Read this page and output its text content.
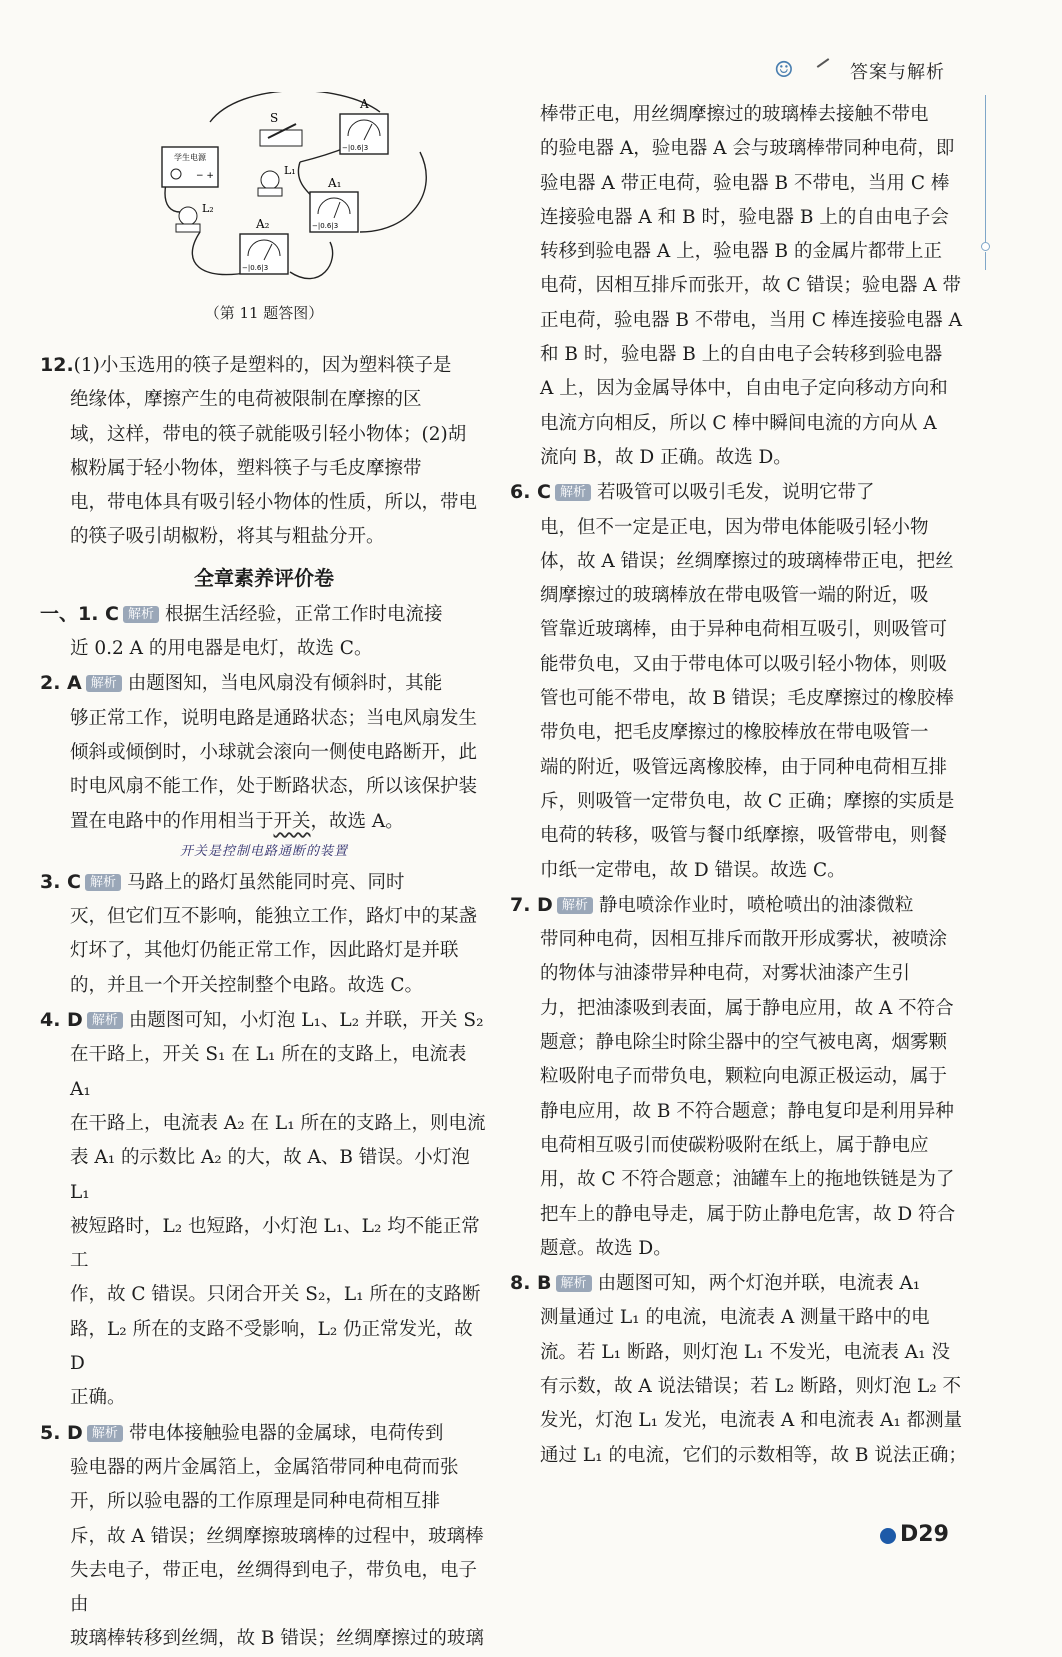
☺	答案与解析
学生电源
− +
S
L₁
L₂
A
−|0.6|3
A₁
−|0.6|3
A₂
−|0.6|3
（第 11 题答图）
12.(1)小玉选用的筷子是塑料的，因为塑料筷子是
绝缘体，摩擦产生的电荷被限制在摩擦的区
域，这样，带电的筷子就能吸引轻小物体；(2)胡
椒粉属于轻小物体，塑料筷子与毛皮摩擦带
电，带电体具有吸引轻小物体的性质，所以，带电
的筷子吸引胡椒粉，将其与粗盐分开。
全章素养评价卷
一、1. C 解析 根据生活经验，正常工作时电流接
近 0.2 A 的用电器是电灯，故选 C。
2. A 解析 由题图知，当电风扇没有倾斜时，其能
够正常工作，说明电路是通路状态；当电风扇发生
倾斜或倾倒时，小球就会滚向一侧使电路断开，此
时电风扇不能工作，处于断路状态，所以该保护装
置在电路中的作用相当于开关，故选 A。
开关是控制电路通断的装置
3. C 解析 马路上的路灯虽然能同时亮、同时
灭，但它们互不影响，能独立工作，路灯中的某盏
灯坏了，其他灯仍能正常工作，因此路灯是并联
的，并且一个开关控制整个电路。故选 C。
4. D 解析 由题图可知，小灯泡 L₁、L₂ 并联，开关 S₂
在干路上，开关 S₁ 在 L₁ 所在的支路上，电流表 A₁
在干路上，电流表 A₂ 在 L₁ 所在的支路上，则电流
表 A₁ 的示数比 A₂ 的大，故 A、B 错误。小灯泡 L₁
被短路时，L₂ 也短路，小灯泡 L₁、L₂ 均不能正常工
作，故 C 错误。只闭合开关 S₂，L₁ 所在的支路断
路，L₂ 所在的支路不受影响，L₂ 仍正常发光，故 D
正确。
5. D 解析 带电体接触验电器的金属球，电荷传到
验电器的两片金属箔上，金属箔带同种电荷而张
开，所以验电器的工作原理是同种电荷相互排
斥，故 A 错误；丝绸摩擦玻璃棒的过程中，玻璃棒
失去电子，带正电，丝绸得到电子，带负电，电子由
玻璃棒转移到丝绸，故 B 错误；丝绸摩擦过的玻璃
棒带正电，用丝绸摩擦过的玻璃棒去接触不带电
的验电器 A，验电器 A 会与玻璃棒带同种电荷，即
验电器 A 带正电荷，验电器 B 不带电，当用 C 棒
连接验电器 A 和 B 时，验电器 B 上的自由电子会
转移到验电器 A 上，验电器 B 的金属片都带上正
电荷，因相互排斥而张开，故 C 错误；验电器 A 带
正电荷，验电器 B 不带电，当用 C 棒连接验电器 A
和 B 时，验电器 B 上的自由电子会转移到验电器
A 上，因为金属导体中，自由电子定向移动方向和
电流方向相反，所以 C 棒中瞬间电流的方向从 A
流向 B，故 D 正确。故选 D。
6. C 解析 若吸管可以吸引毛发，说明它带了
电，但不一定是正电，因为带电体能吸引轻小物
体，故 A 错误；丝绸摩擦过的玻璃棒带正电，把丝
绸摩擦过的玻璃棒放在带电吸管一端的附近，吸
管靠近玻璃棒，由于异种电荷相互吸引，则吸管可
能带负电，又由于带电体可以吸引轻小物体，则吸
管也可能不带电，故 B 错误；毛皮摩擦过的橡胶棒
带负电，把毛皮摩擦过的橡胶棒放在带电吸管一
端的附近，吸管远离橡胶棒，由于同种电荷相互排
斥，则吸管一定带负电，故 C 正确；摩擦的实质是
电荷的转移，吸管与餐巾纸摩擦，吸管带电，则餐
巾纸一定带电，故 D 错误。故选 C。
7. D 解析 静电喷涂作业时，喷枪喷出的油漆微粒
带同种电荷，因相互排斥而散开形成雾状，被喷涂
的物体与油漆带异种电荷，对雾状油漆产生引
力，把油漆吸到表面，属于静电应用，故 A 不符合
题意；静电除尘时除尘器中的空气被电离，烟雾颗
粒吸附电子而带负电，颗粒向电源正极运动，属于
静电应用，故 B 不符合题意；静电复印是利用异种
电荷相互吸引而使碳粉吸附在纸上，属于静电应
用，故 C 不符合题意；油罐车上的拖地铁链是为了
把车上的静电导走，属于防止静电危害，故 D 符合
题意。故选 D。
8. B 解析 由题图可知，两个灯泡并联，电流表 A₁
测量通过 L₁ 的电流，电流表 A 测量干路中的电
流。若 L₁ 断路，则灯泡 L₁ 不发光，电流表 A₁ 没
有示数，故 A 说法错误；若 L₂ 断路，则灯泡 L₂ 不
发光，灯泡 L₁ 发光，电流表 A 和电流表 A₁ 都测量
通过 L₁ 的电流，它们的示数相等，故 B 说法正确；
D29
